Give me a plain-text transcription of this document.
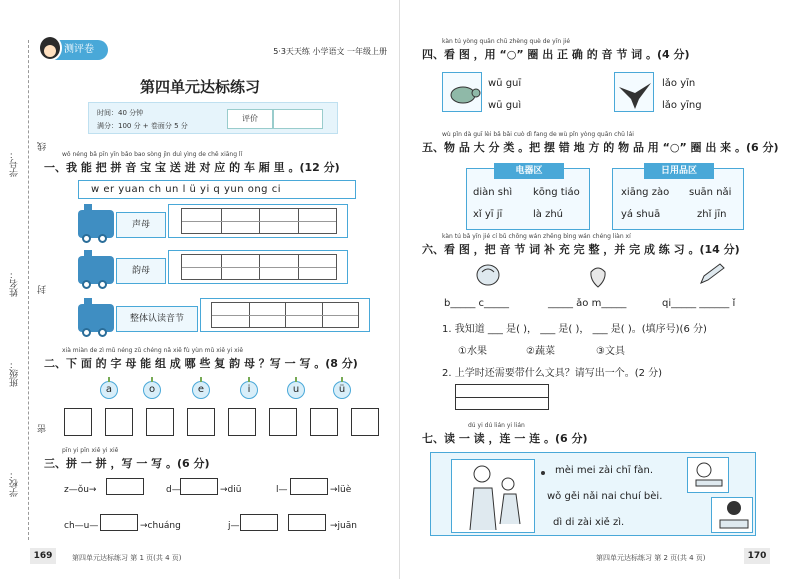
学号：
线
姓名： 封
班级：
密
学校：
测评卷	5·3天天练 小学语文 一年级上册
第四单元达标练习
时间：40 分钟
满分：100 分 + 卷面分 5 分
评价
wǒ néng bǎ pīn yīn bǎo bao sòng jìn duì yìng de chē xiāng lǐ
一、我 能 把 拼 音 宝 宝 送 进 对 应 的 车 厢 里 。(12 分)
w er yuan ch un l ü yi q yun ong ci
声母
韵母
整体认读音节
xià miàn de zì mǔ néng zǔ chéng nǎ xiē fù yùn mǔ xiě yi xiě
二、下 面 的 字 母 能 组 成 哪 些 复 韵 母 ？写 一 写 。(8 分)
a	o	e	i	u	ü
pīn yi pīn xiě yi xiě
三、拼 一 拼 ，写 一 写 。(6 分)
z—ǒu→	d—	→diū	l—	→lüè
ch—u—	→chuáng	j—	→juān
169	第四单元达标练习 第 1 页(共 4 页)
kàn tú yòng quān chū zhèng què de yīn jié
四、看 图 ，用 “○” 圈 出 正 确 的 音 节 词 。(4 分)
wū guī
wū guì
lǎo yīn
lǎo yīng
wù pǐn dà guī lèi bǎ bǎi cuò dì fang de wù pǐn yòng quān chū lái
五、物 品 大 分 类 。把 摆 错 地 方 的 物 品 用 “○” 圈 出 来 。(6 分)
电器区
diàn shì kōng tiáo
xǐ yī jī	là zhú
日用品区
xiāng zào suān nǎi
yá shuā	zhǐ jīn
kàn tú bǎ yīn jié cí bǔ chōng wán zhěng bìng wán chéng liàn xí
六、看 图 ，把 音 节 词 补 充 完 整 ，并 完 成 练 习 。(14 分)
b_____ c_____	_____ ǎo m_____	qi_____ ______ ǐ
1. 我知道 ___ 是( )， ___ 是( )， ___ 是( )。(填序号)(6 分)
①水果	②蔬菜	③文具
2. 上学时还需要带什么文具？请写出一个。(2 分)
dú yi dú lián yi lián
七、读 一 读 ，连 一 连 。(6 分)
mèi mei zài chī fàn.
wǒ gěi nǎi nai chuí bèi.
dì di zài xiě zì.
第四单元达标练习 第 2 页(共 4 页)	170
